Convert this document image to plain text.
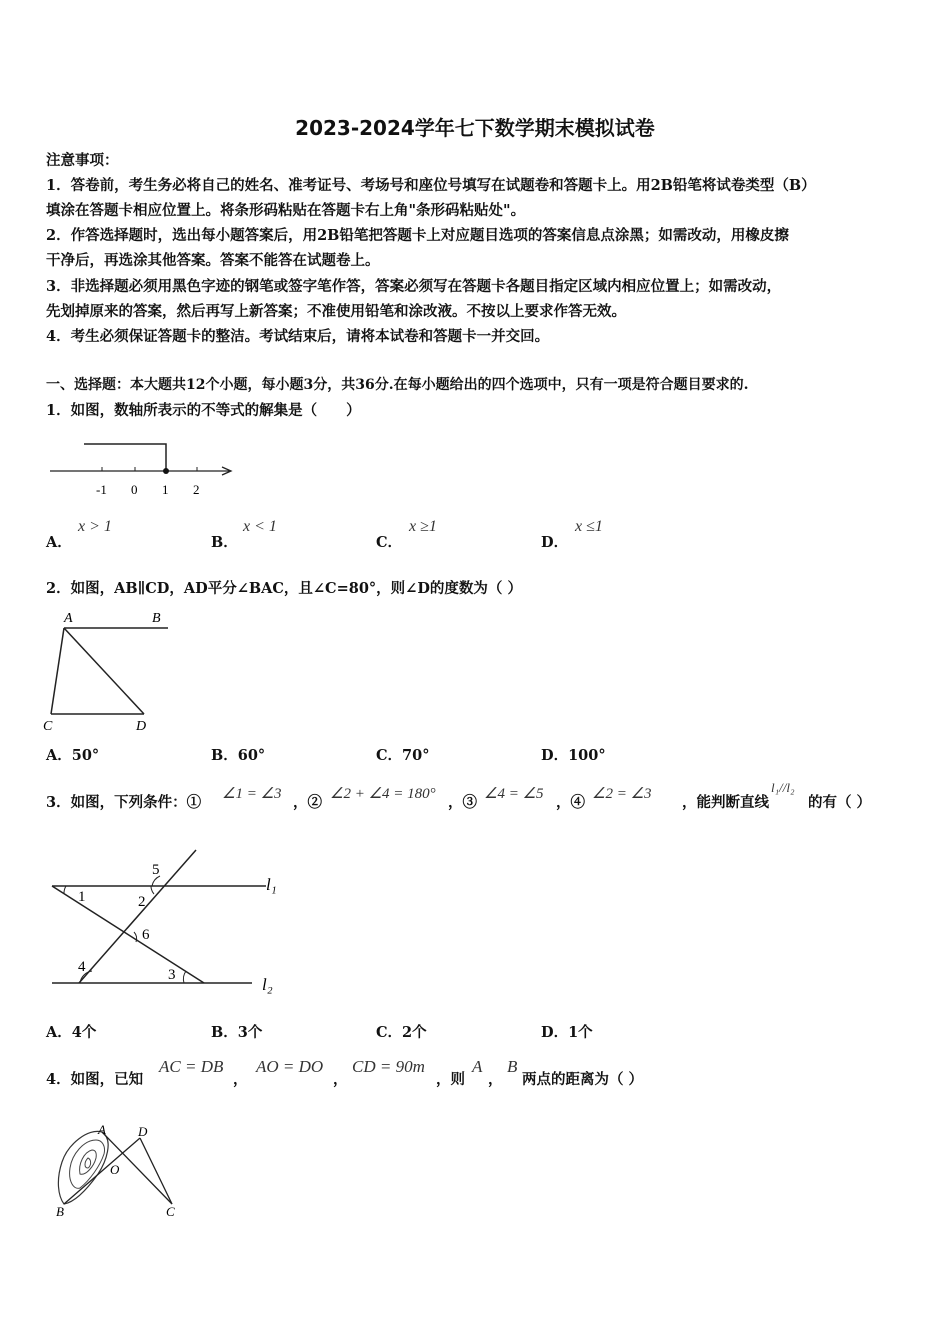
2023-2024学年七下数学期末模拟试卷
注意事项：
1．答卷前，考生务必将自己的姓名、准考证号、考场号和座位号填写在试题卷和答题卡上。用2B铅笔将试卷类型（B）
填涂在答题卡相应位置上。将条形码粘贴在答题卡右上角"条形码粘贴处"。
2．作答选择题时，选出每小题答案后，用2B铅笔把答题卡上对应题目选项的答案信息点涂黑；如需改动，用橡皮擦
干净后，再选涂其他答案。答案不能答在试题卷上。
3．非选择题必须用黑色字迹的钢笔或签字笔作答，答案必须写在答题卡各题目指定区域内相应位置上；如需改动，
先划掉原来的答案，然后再写上新答案；不准使用铅笔和涂改液。不按以上要求作答无效。
4．考生必须保证答题卡的整洁。考试结束后，请将本试卷和答题卡一并交回。
一、选择题：本大题共12个小题，每小题3分，共36分.在每小题给出的四个选项中，只有一项是符合题目要求的.
1．如图，数轴所表示的不等式的解集是（　　）
-1 0 1 2
A．
x > 1
B．
x < 1
C．
x ≥1
D．
x ≤1
2．如图，AB∥CD，AD平分∠BAC，且∠C=80°，则∠D的度数为（ ）
A	B
C	D
A．50°	B．60°	C．70°	D．100°
3．如图，下列条件：① ∠1 = ∠3 ，② ∠2 + ∠4 = 180° ，③ ∠4 = ∠5 ，④ ∠2 = ∠3 ，能判断直线
l₁//l₂
的有（ ）
5
1	2
6
4	3
l₁
l₂
A．4个	B．3个	C．2个	D．1个
4．如图，已知
AC = DB
，
AO = DO
，
CD = 90m
，则
A
，
B
两点的距离为（ ）
A D
O
B	C
